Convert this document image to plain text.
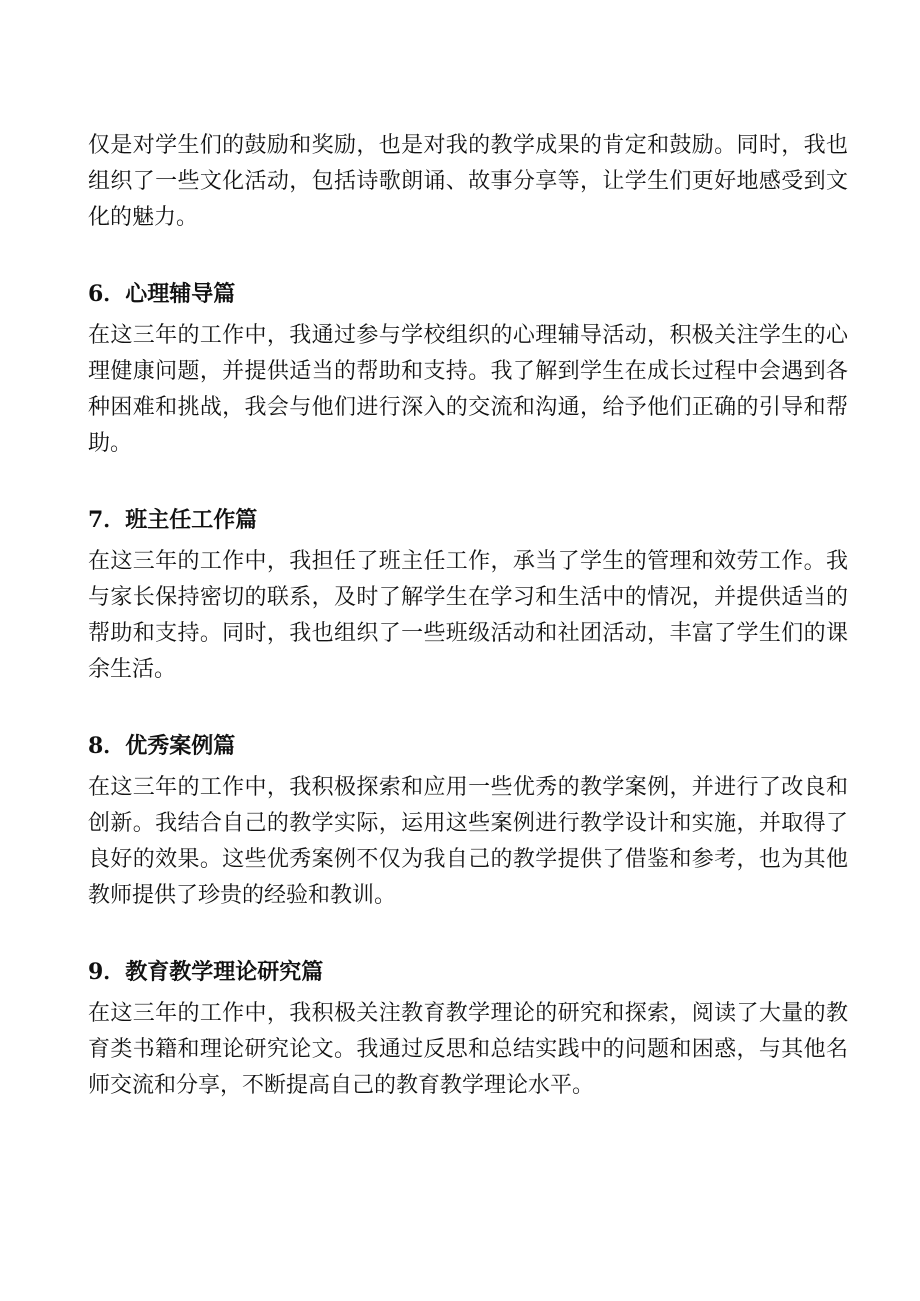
仅是对学生们的鼓励和奖励，也是对我的教学成果的肯定和鼓励。同时，我也组织了一些文化活动，包括诗歌朗诵、故事分享等，让学生们更好地感受到文化的魅力。

6．心理辅导篇

在这三年的工作中，我通过参与学校组织的心理辅导活动，积极关注学生的心理健康问题，并提供适当的帮助和支持。我了解到学生在成长过程中会遇到各种困难和挑战，我会与他们进行深入的交流和沟通，给予他们正确的引导和帮助。

7．班主任工作篇

在这三年的工作中，我担任了班主任工作，承当了学生的管理和效劳工作。我与家长保持密切的联系，及时了解学生在学习和生活中的情况，并提供适当的帮助和支持。同时，我也组织了一些班级活动和社团活动，丰富了学生们的课余生活。

8．优秀案例篇

在这三年的工作中，我积极探索和应用一些优秀的教学案例，并进行了改良和创新。我结合自己的教学实际，运用这些案例进行教学设计和实施，并取得了良好的效果。这些优秀案例不仅为我自己的教学提供了借鉴和参考，也为其他教师提供了珍贵的经验和教训。

9．教育教学理论研究篇

在这三年的工作中，我积极关注教育教学理论的研究和探索，阅读了大量的教育类书籍和理论研究论文。我通过反思和总结实践中的问题和困惑，与其他名师交流和分享，不断提高自己的教育教学理论水平。
